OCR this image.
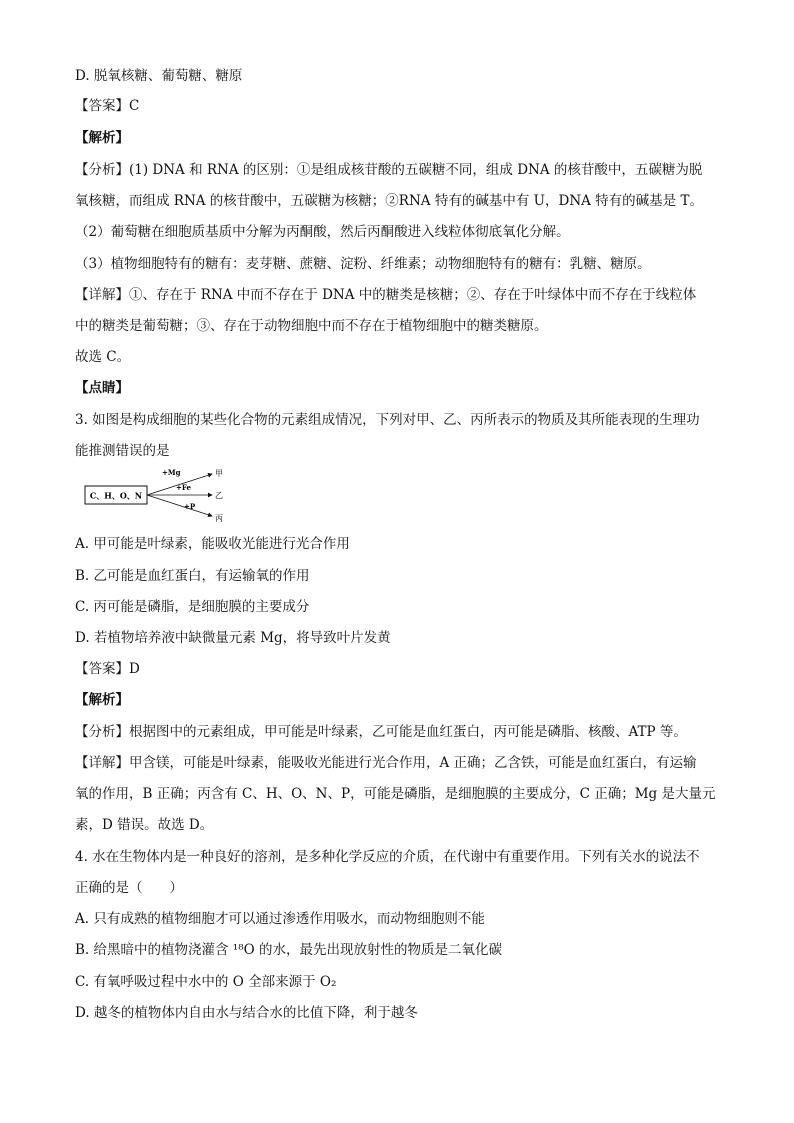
D. 脱氧核糖、葡萄糖、糖原
【答案】C
【解析】
【分析】(1) DNA 和 RNA 的区别：①是组成核苷酸的五碳糖不同，组成 DNA 的核苷酸中，五碳糖为脱
氧核糖，而组成 RNA 的核苷酸中，五碳糖为核糖；②RNA 特有的碱基中有 U，DNA 特有的碱基是 T。
（2）葡萄糖在细胞质基质中分解为丙酮酸，然后丙酮酸进入线粒体彻底氧化分解。
（3）植物细胞特有的糖有：麦芽糖、蔗糖、淀粉、纤维素；动物细胞特有的糖有：乳糖、糖原。
【详解】①、存在于 RNA 中而不存在于 DNA 中的糖类是核糖；②、存在于叶绿体中而不存在于线粒体
中的糖类是葡萄糖；③、存在于动物细胞中而不存在于植物细胞中的糖类糖原。
故选 C。
【点睛】
3. 如图是构成细胞的某些化合物的元素组成情况，下列对甲、乙、丙所表示的物质及其所能表现的生理功
能推测错误的是
A. 甲可能是叶绿素，能吸收光能进行光合作用
B. 乙可能是血红蛋白，有运输氧的作用
C. 丙可能是磷脂，是细胞膜的主要成分
D. 若植物培养液中缺微量元素 Mg，将导致叶片发黄
【答案】D
【解析】
【分析】根据图中的元素组成，甲可能是叶绿素，乙可能是血红蛋白，丙可能是磷脂、核酸、ATP 等。
【详解】甲含镁，可能是叶绿素，能吸收光能进行光合作用，A 正确；乙含铁，可能是血红蛋白，有运输
氧的作用，B 正确；丙含有 C、H、O、N、P，可能是磷脂，是细胞膜的主要成分，C 正确；Mg 是大量元
素，D 错误。故选 D。
4. 水在生物体内是一种良好的溶剂，是多种化学反应的介质，在代谢中有重要作用。下列有关水的说法不
正确的是（　　）
A. 只有成熟的植物细胞才可以通过渗透作用吸水，而动物细胞则不能
B. 给黑暗中的植物浇灌含 ¹⁸O 的水，最先出现放射性的物质是二氧化碳
C. 有氧呼吸过程中水中的 O 全部来源于 O₂
D. 越冬的植物体内自由水与结合水的比值下降，利于越冬
C、H、O、N
+Mg
+Fe
+P
甲
乙
丙
